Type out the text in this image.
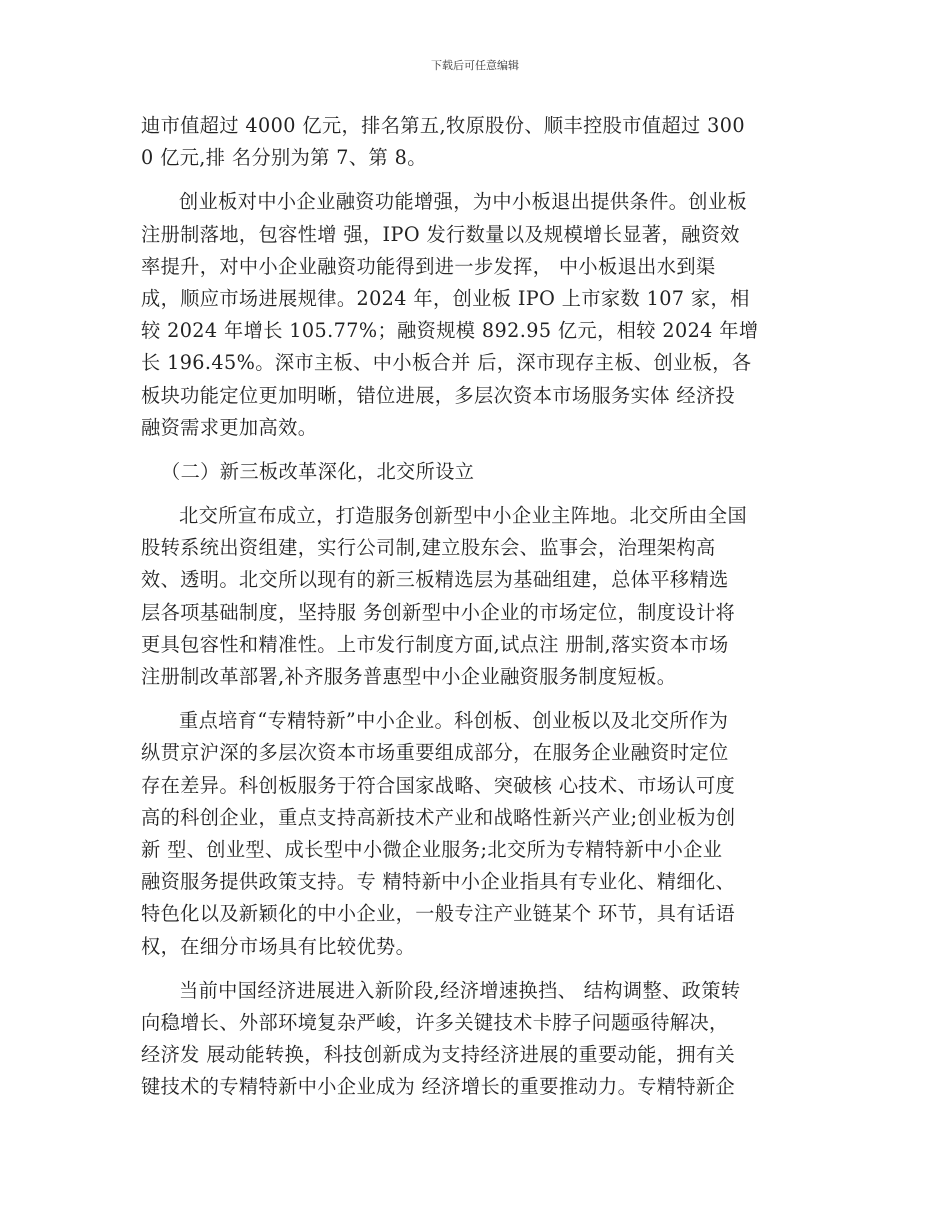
下载后可任意编辑
迪市值超过 4000 亿元，排名第五,牧原股份、顺丰控股市值超过 300
0 亿元,排 名分别为第 7、第 8。
创业板对中小企业融资功能增强，为中小板退出提供条件。创业板
注册制落地，包容性增 强，IPO 发行数量以及规模增长显著，融资效
率提升，对中小企业融资功能得到进一步发挥， 中小板退出水到渠
成，顺应市场进展规律。2024 年，创业板 IPO 上市家数 107 家，相
较 2024 年增长 105.77%；融资规模 892.95 亿元，相较 2024 年增
长 196.45%。深市主板、中小板合并 后，深市现存主板、创业板，各
板块功能定位更加明晰，错位进展，多层次资本市场服务实体 经济投
融资需求更加高效。
（二）新三板改革深化，北交所设立
北交所宣布成立，打造服务创新型中小企业主阵地。北交所由全国
股转系统出资组建，实行公司制,建立股东会、监事会，治理架构高
效、透明。北交所以现有的新三板精选层为基础组建，总体平移精选
层各项基础制度，坚持服 务创新型中小企业的市场定位，制度设计将
更具包容性和精准性。上市发行制度方面,试点注 册制,落实资本市场
注册制改革部署,补齐服务普惠型中小企业融资服务制度短板。
重点培育“专精特新”中小企业。科创板、创业板以及北交所作为
纵贯京沪深的多层次资本市场重要组成部分，在服务企业融资时定位
存在差异。科创板服务于符合国家战略、突破核 心技术、市场认可度
高的科创企业，重点支持高新技术产业和战略性新兴产业;创业板为创
新 型、创业型、成长型中小微企业服务;北交所为专精特新中小企业
融资服务提供政策支持。专 精特新中小企业指具有专业化、精细化、
特色化以及新颖化的中小企业，一般专注产业链某个 环节，具有话语
权，在细分市场具有比较优势。
当前中国经济进展进入新阶段,经济增速换挡、 结构调整、政策转
向稳增长、外部环境复杂严峻，许多关键技术卡脖子问题亟待解决，
经济发 展动能转换，科技创新成为支持经济进展的重要动能，拥有关
键技术的专精特新中小企业成为 经济增长的重要推动力。专精特新企
